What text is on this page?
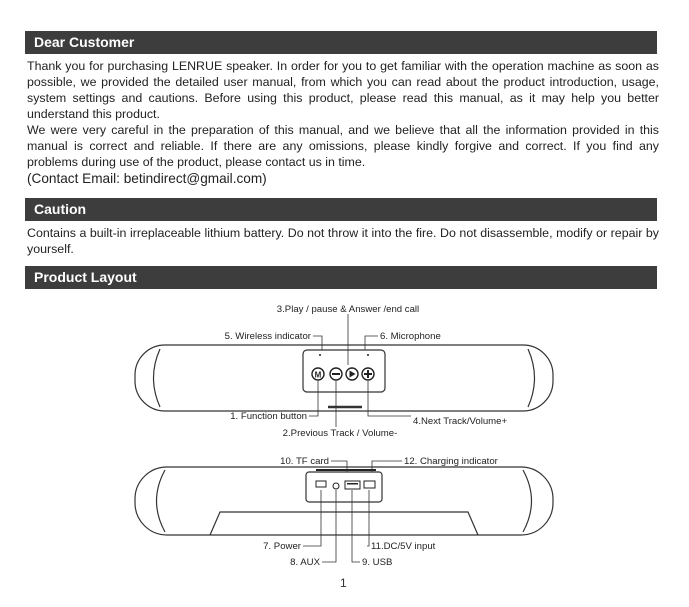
Dear Customer

Thank you for purchasing LENRUE speaker. In order for you to get familiar with the operation machine as soon as possible, we provided the detailed user manual, from which you can read about the product introduction, usage, system settings and cautions. Before using this product, please read this manual, as it may help you better understand this product.

We were very careful in the preparation of this manual, and we believe that all the information provided in this manual is correct and reliable. If there are any omissions, please kindly forgive and correct. If you find any problems during use of the product, please contact us in time.

(Contact Email: betindirect@gmail.com)
Caution

Contains a built-in irreplaceable lithium battery. Do not throw it into the fire. Do not disassemble, modify or repair by yourself.

Product Layout
M
3.Play / pause & Answer /end call
5. Wireless indicator	6. Microphone
1. Function button
2.Previous Track / Volume-
4.Next Track/Volume+
10. TF card	12. Charging indicator
7. Power	11.DC/5V input
8. AUX	9. USB
1
